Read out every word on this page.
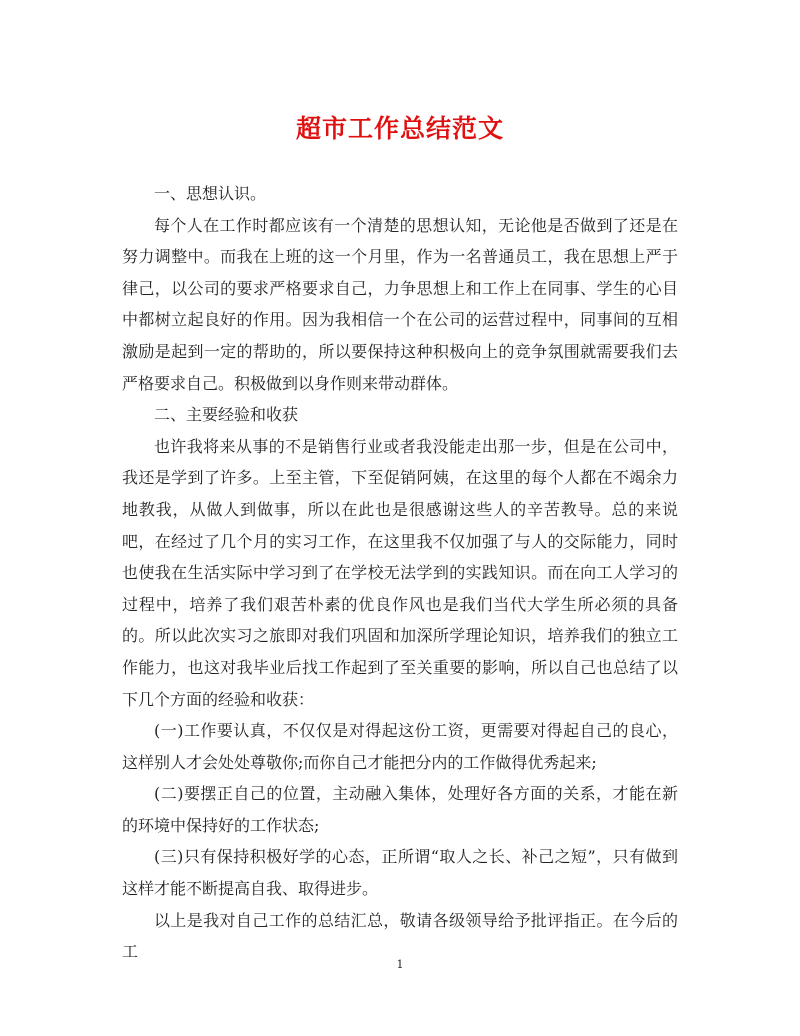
超市工作总结范文

一、思想认识。

每个人在工作时都应该有一个清楚的思想认知，无论他是否做到了还是在努力调整中。而我在上班的这一个月里，作为一名普通员工，我在思想上严于律己，以公司的要求严格要求自己，力争思想上和工作上在同事、学生的心目中都树立起良好的作用。因为我相信一个在公司的运营过程中，同事间的互相激励是起到一定的帮助的，所以要保持这种积极向上的竞争氛围就需要我们去严格要求自己。积极做到以身作则来带动群体。

二、主要经验和收获

也许我将来从事的不是销售行业或者我没能走出那一步，但是在公司中，我还是学到了许多。上至主管，下至促销阿姨，在这里的每个人都在不竭余力地教我，从做人到做事，所以在此也是很感谢这些人的辛苦教导。总的来说吧，在经过了几个月的实习工作，在这里我不仅加强了与人的交际能力，同时也使我在生活实际中学习到了在学校无法学到的实践知识。而在向工人学习的过程中，培养了我们艰苦朴素的优良作风也是我们当代大学生所必须的具备的。所以此次实习之旅即对我们巩固和加深所学理论知识，培养我们的独立工作能力，也这对我毕业后找工作起到了至关重要的影响，所以自己也总结了以下几个方面的经验和收获：

(一)工作要认真，不仅仅是对得起这份工资，更需要对得起自己的良心，这样别人才会处处尊敬你;而你自己才能把分内的工作做得优秀起来;

(二)要摆正自己的位置，主动融入集体，处理好各方面的关系，才能在新的环境中保持好的工作状态;

(三)只有保持积极好学的心态，正所谓“取人之长、补己之短”，只有做到这样才能不断提高自我、取得进步。

以上是我对自己工作的总结汇总，敬请各级领导给予批评指正。在今后的工

1
